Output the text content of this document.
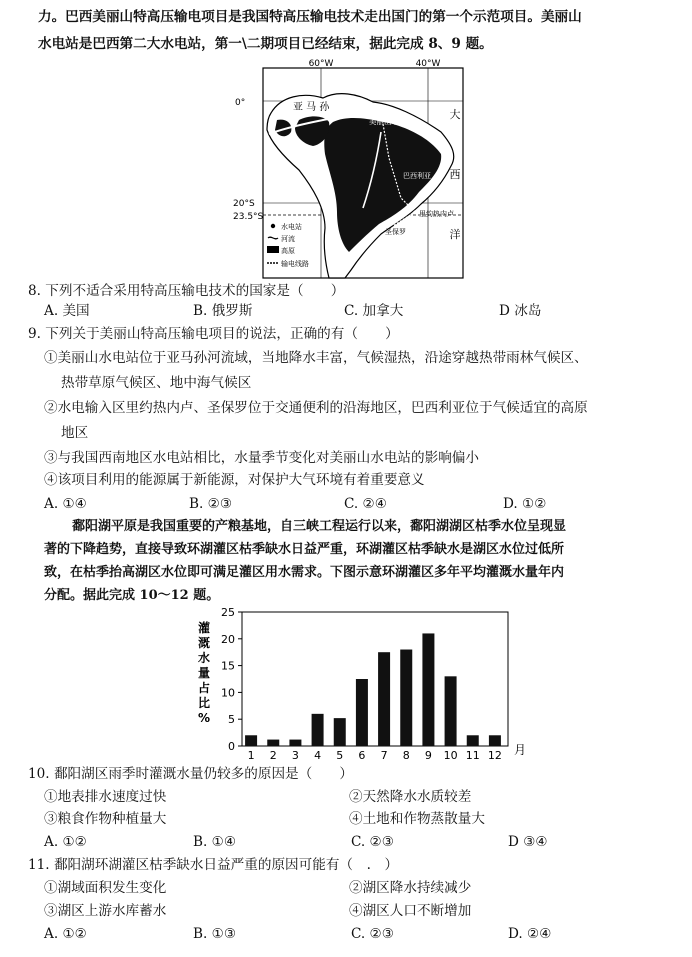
力。巴西美丽山特高压输电项目是我国特高压输电技术走出国门的第一个示范项目。美丽山
水电站是巴西第二大水电站，第一\二期项目已经结束，据此完成 8、9 题。
60°W	40°W
0°
20°S
23.5°S
亚 马 孙
美丽山水电站
大
西
洋
巴西利亚
里约热内卢
圣保罗
水电站
河流
高原
输电线路
8. 下列不适合采用特高压输电技术的国家是（　　）
A. 美国	B. 俄罗斯	C. 加拿大	D 冰岛
9. 下列关于美丽山特高压输电项目的说法，正确的有（　　）
①美丽山水电站位于亚马孙河流域，当地降水丰富，气候湿热，沿途穿越热带雨林气候区、
热带草原气候区、地中海气候区
②水电输入区里约热内卢、圣保罗位于交通便利的沿海地区，巴西利亚位于气候适宜的高原
地区
③与我国西南地区水电站相比，水量季节变化对美丽山水电站的影响偏小
④该项目利用的能源属于新能源，对保护大气环境有着重要意义
A. ①④	B. ②③	C. ②④	D. ①②
鄱阳湖平原是我国重要的产粮基地，自三峡工程运行以来，鄱阳湖湖区枯季水位呈现显
著的下降趋势，直接导致环湖灌区枯季缺水日益严重，环湖灌区枯季缺水是湖区水位过低所
致，在枯季抬高湖区水位即可满足灌区用水需求。下图示意环湖灌区多年平均灌溉水量年内
分配。据此完成 10～12 题。
0
5
10
15
20
25
灌
溉
水
量
占
比
%
1 2 3 4 5 6 7 8 9 10 11 12 月
10. 鄱阳湖区雨季时灌溉水量仍较多的原因是（　　）
①地表排水速度过快	②天然降水水质较差
③粮食作物种植量大	④土地和作物蒸散量大
A. ①②	B. ①④	C. ②③	D ③④
11. 鄱阳湖环湖灌区枯季缺水日益严重的原因可能有（　.　）
①湖域面积发生变化	②湖区降水持续减少
③湖区上游水库蓄水	④湖区人口不断增加
A. ①②	B. ①③	C. ②③	D. ②④
